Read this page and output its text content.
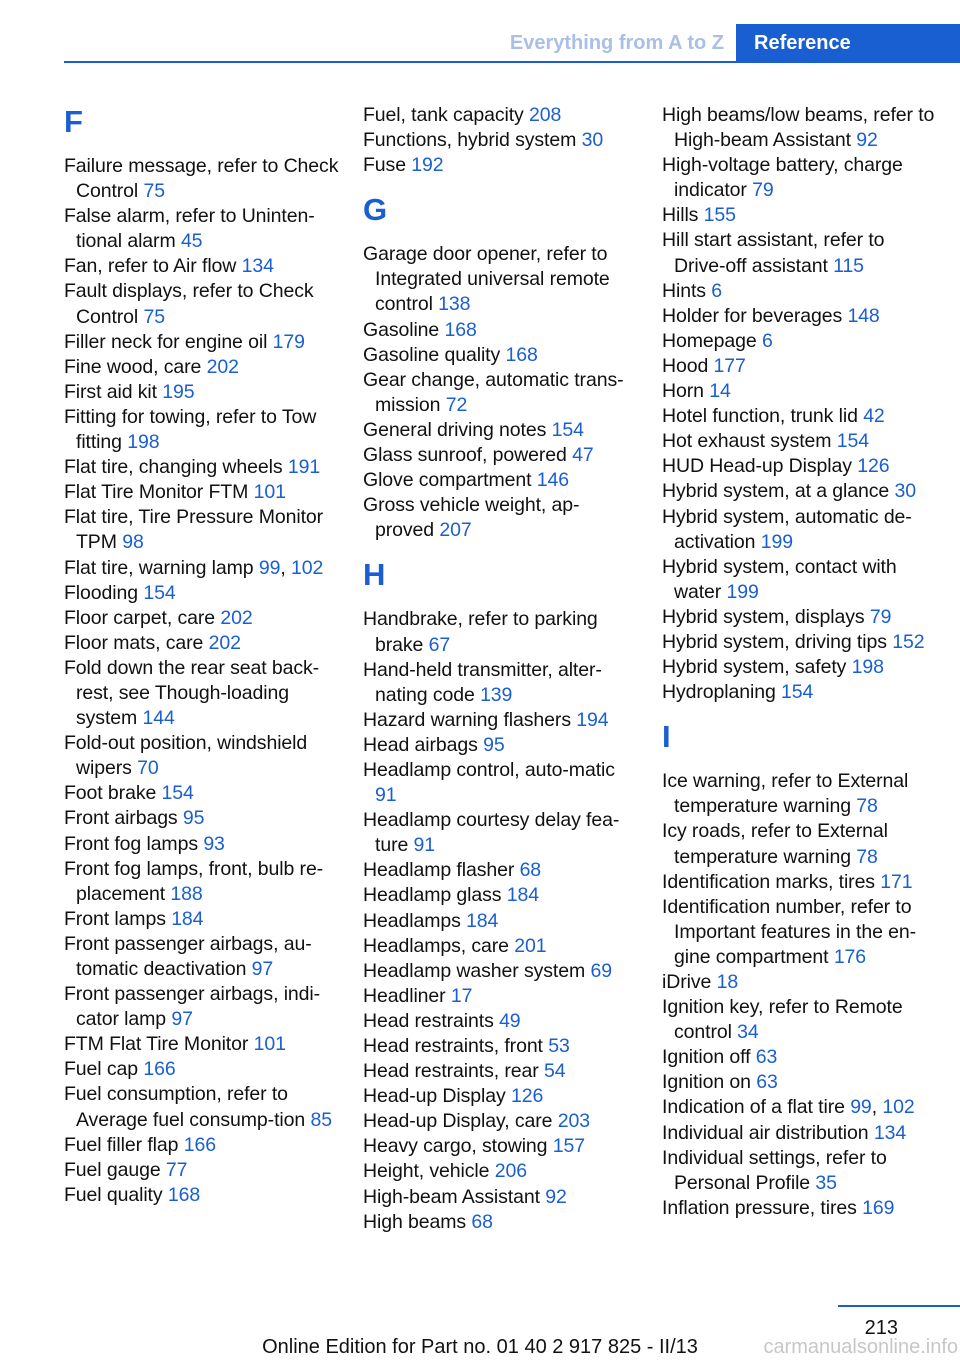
Everything from A to Z	Reference
F
Failure message, refer to Check Control 75
False alarm, refer to Uninten-tional alarm 45
Fan, refer to Air flow 134
Fault displays, refer to Check Control 75
Filler neck for engine oil 179
Fine wood, care 202
First aid kit 195
Fitting for towing, refer to Tow fitting 198
Flat tire, changing wheels 191
Flat Tire Monitor FTM 101
Flat tire, Tire Pressure Monitor TPM 98
Flat tire, warning lamp 99, 102
Flooding 154
Floor carpet, care 202
Floor mats, care 202
Fold down the rear seat back-rest, see Though-loading system 144
Fold-out position, windshield wipers 70
Foot brake 154
Front airbags 95
Front fog lamps 93
Front fog lamps, front, bulb re-placement 188
Front lamps 184
Front passenger airbags, au-tomatic deactivation 97
Front passenger airbags, indi-cator lamp 97
FTM Flat Tire Monitor 101
Fuel cap 166
Fuel consumption, refer to Average fuel consump-tion 85
Fuel filler flap 166
Fuel gauge 77
Fuel quality 168
Fuel, tank capacity 208
Functions, hybrid system 30
Fuse 192
G
Garage door opener, refer to Integrated universal remote control 138
Gasoline 168
Gasoline quality 168
Gear change, automatic trans-mission 72
General driving notes 154
Glass sunroof, powered 47
Glove compartment 146
Gross vehicle weight, ap-proved 207
H
Handbrake, refer to parking brake 67
Hand-held transmitter, alter-nating code 139
Hazard warning flashers 194
Head airbags 95
Headlamp control, auto-matic 91
Headlamp courtesy delay fea-ture 91
Headlamp flasher 68
Headlamp glass 184
Headlamps 184
Headlamps, care 201
Headlamp washer system 69
Headliner 17
Head restraints 49
Head restraints, front 53
Head restraints, rear 54
Head-up Display 126
Head-up Display, care 203
Heavy cargo, stowing 157
Height, vehicle 206
High-beam Assistant 92
High beams 68
High beams/low beams, refer to High-beam Assistant 92
High-voltage battery, charge indicator 79
Hills 155
Hill start assistant, refer to Drive-off assistant 115
Hints 6
Holder for beverages 148
Homepage 6
Hood 177
Horn 14
Hotel function, trunk lid 42
Hot exhaust system 154
HUD Head-up Display 126
Hybrid system, at a glance 30
Hybrid system, automatic de-activation 199
Hybrid system, contact with water 199
Hybrid system, displays 79
Hybrid system, driving tips 152
Hybrid system, safety 198
Hydroplaning 154
I
Ice warning, refer to External temperature warning 78
Icy roads, refer to External temperature warning 78
Identification marks, tires 171
Identification number, refer to Important features in the en-gine compartment 176
iDrive 18
Ignition key, refer to Remote control 34
Ignition off 63
Ignition on 63
Indication of a flat tire 99, 102
Individual air distribution 134
Individual settings, refer to Personal Profile 35
Inflation pressure, tires 169
213
Online Edition for Part no. 01 40 2 917 825 - II/13	carmanualsonline.info
